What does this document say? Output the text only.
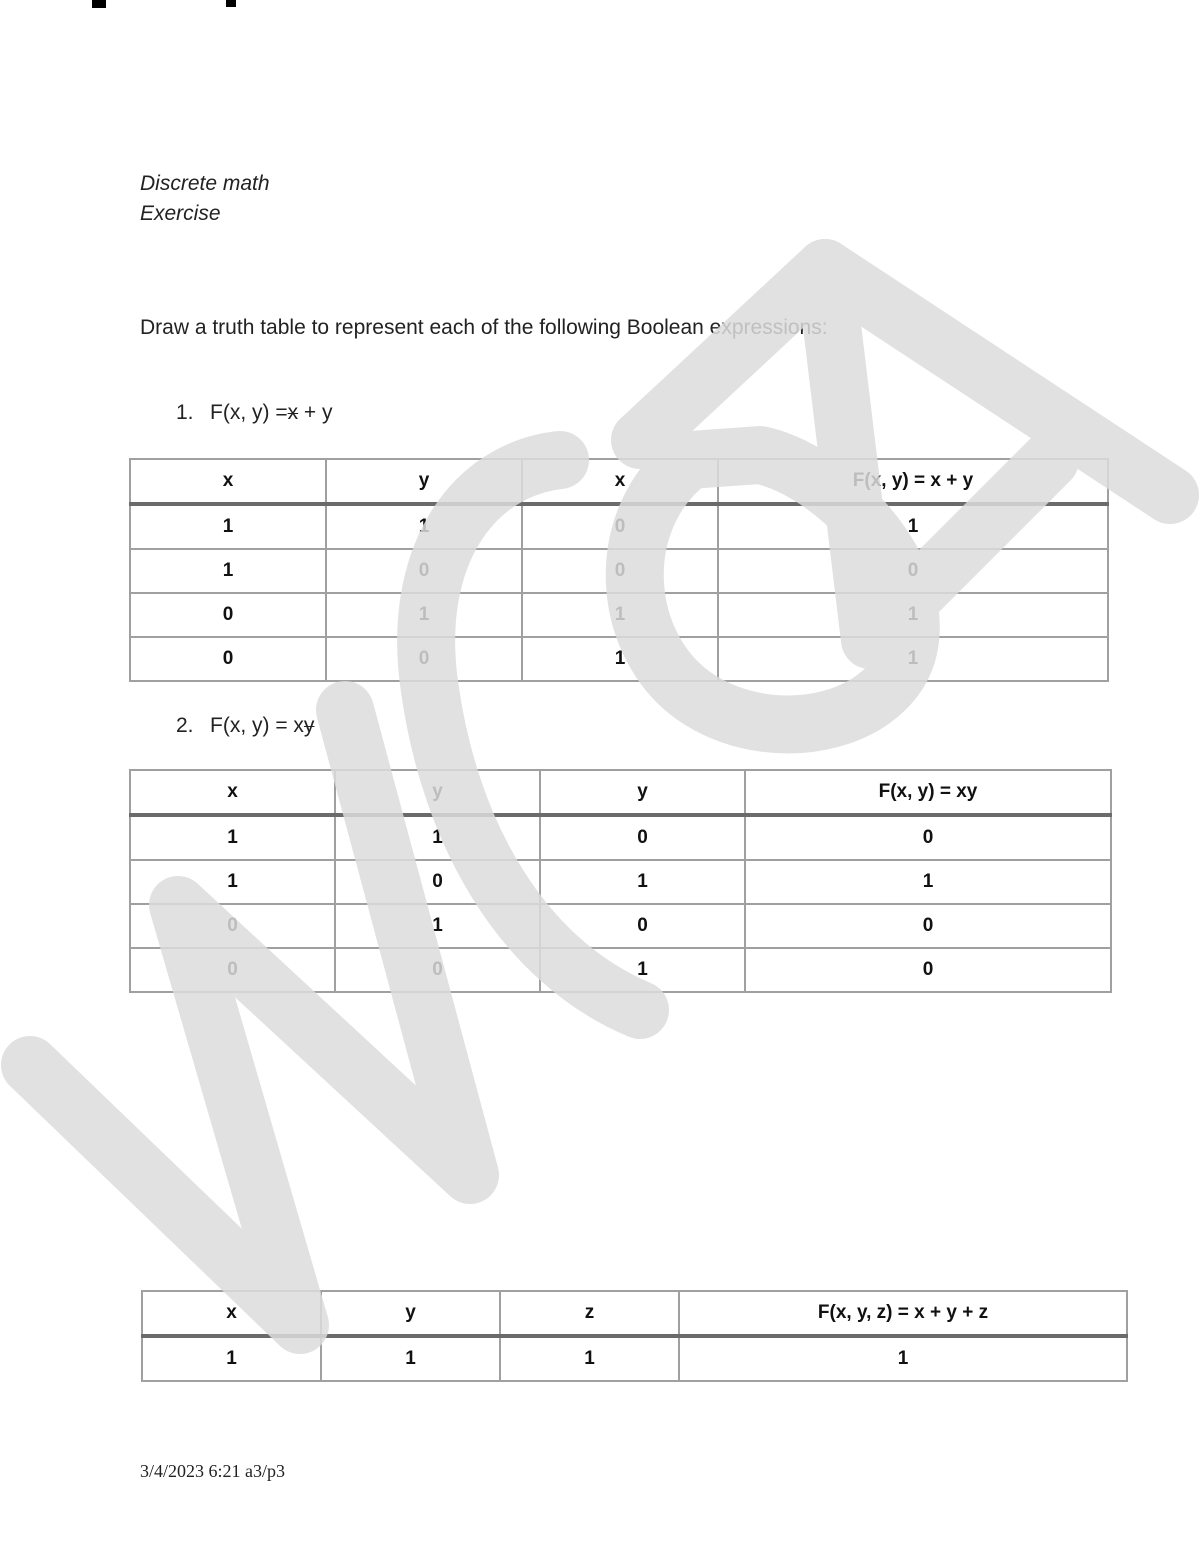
Discrete math
Exercise
Draw a truth table to represent each of the following Boolean expressions:
1. F(x, y) =x + y
x	y	x	F(x, y) = x + y
1	1	0	1
1	0	0	0
0	1	1	1
0	0	1	1
2. F(x, y) = xy
x	y	y	F(x, y) = xy
1	1	0	0
1	0	1	1
0	1	0	0
0	0	1	0
x	y	z	F(x, y, z) = x + y + z
1	1	1	1
3/4/2023 6:21 a3/p3
